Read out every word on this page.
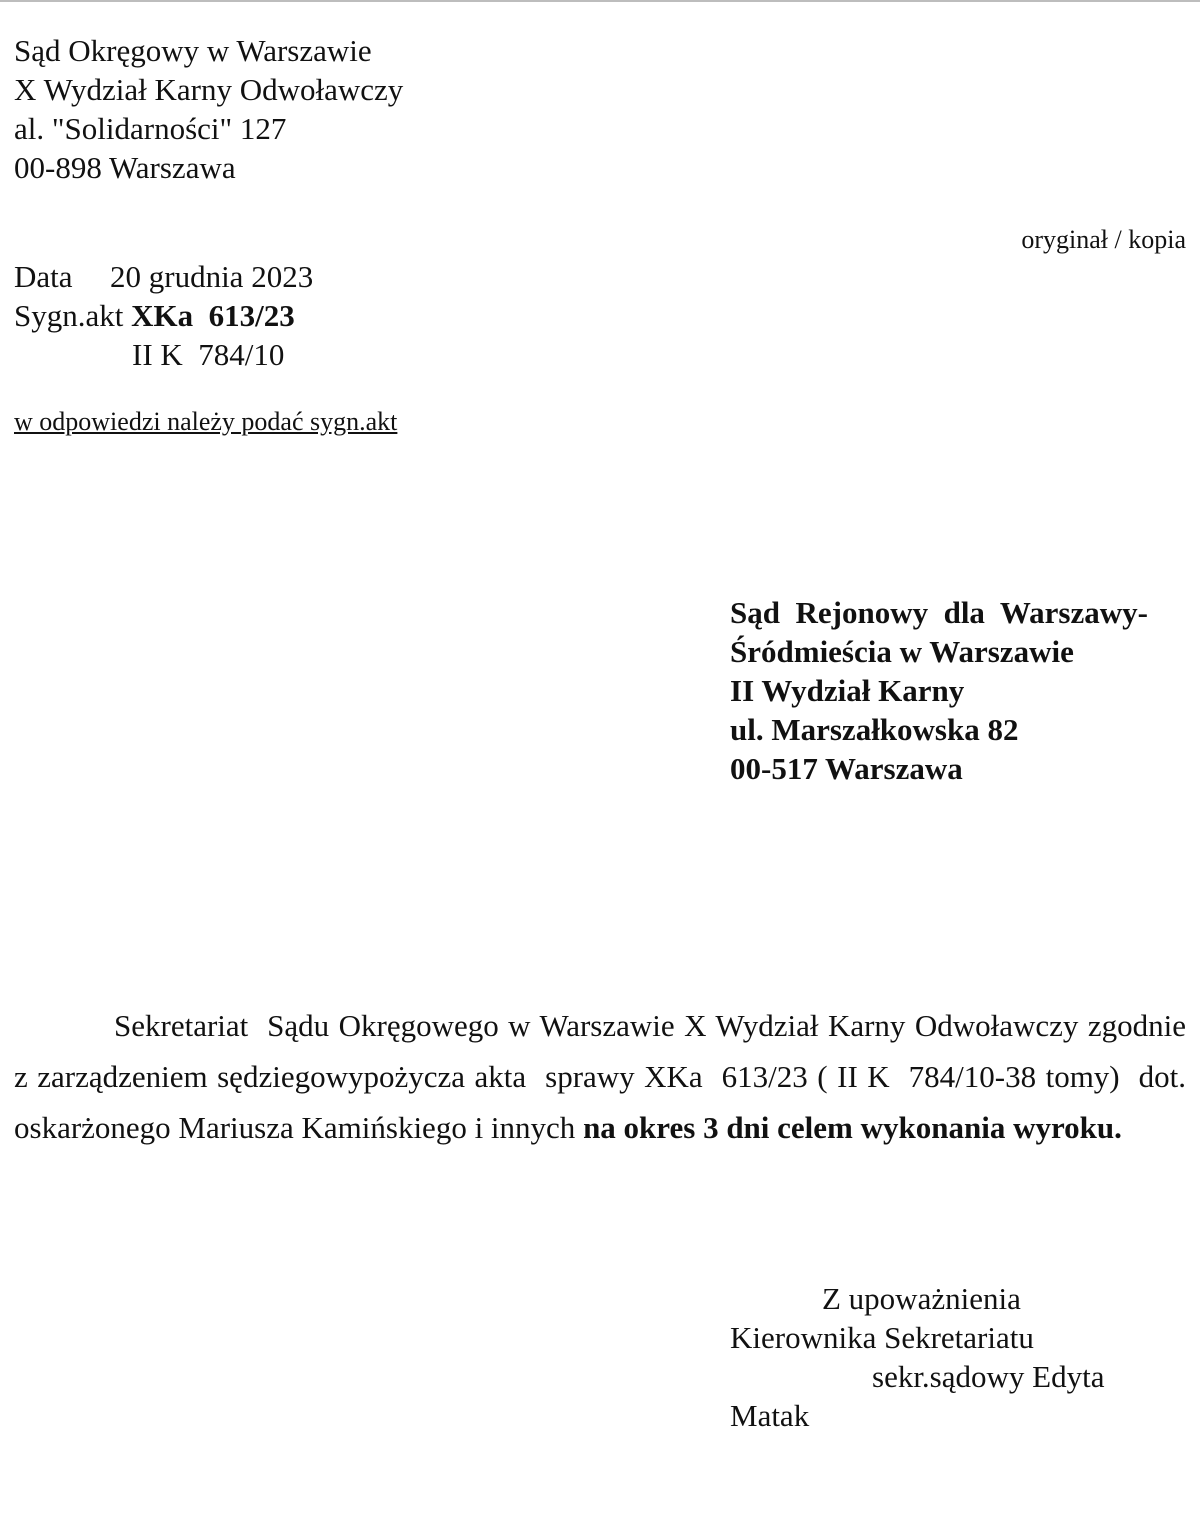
Sąd Okręgowy w Warszawie
X Wydział Karny Odwoławczy
al. "Solidarności" 127
00-898 Warszawa
oryginał / kopia
Data 20 grudnia 2023
Sygn.akt XKa  613/23
II K  784/10
w odpowiedzi należy podać sygn.akt
Sąd  Rejonowy  dla  Warszawy-
Śródmieścia w Warszawie
II Wydział Karny
ul. Marszałkowska 82
00-517 Warszawa
Sekretariat  Sądu Okręgowego w Warszawie X Wydział Karny Odwoławczy zgodnie z zarządzeniem sędziegowypożycza akta  sprawy XKa  613/23 ( II K  784/10-38 tomy)  dot. oskarżonego Mariusza Kamińskiego i innych na okres 3 dni celem wykonania wyroku.
Z upoważnienia
Kierownika Sekretariatu
sekr.sądowy Edyta
Matak
